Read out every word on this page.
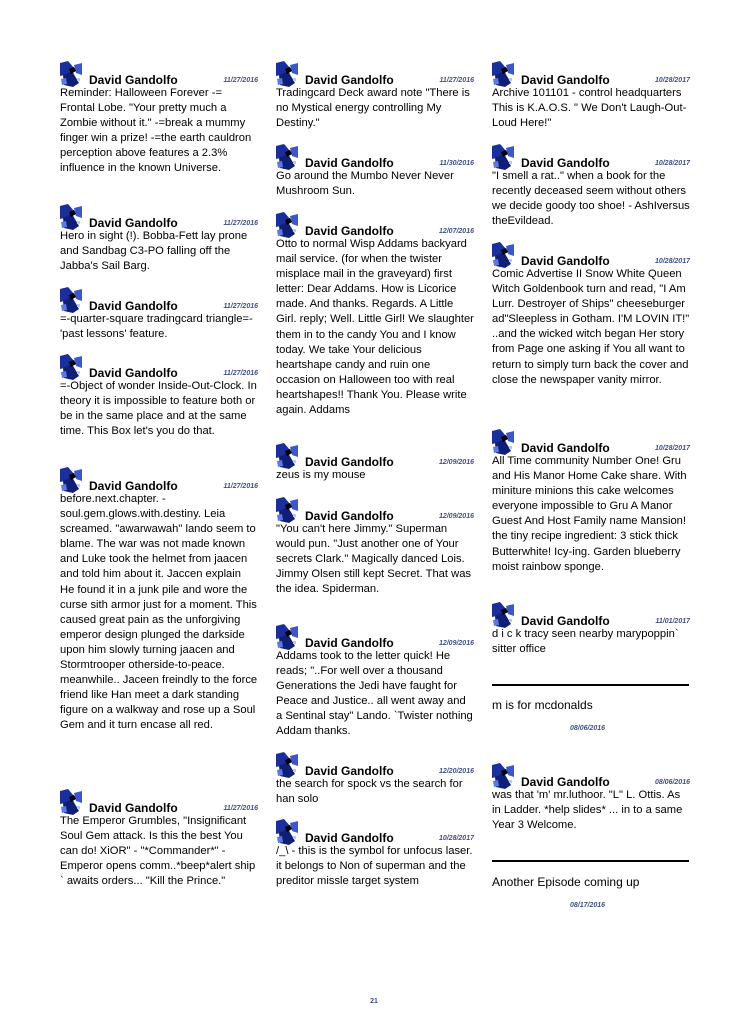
David Gandolfo	11/27/2016
Reminder: Halloween Forever -= Frontal Lobe. "Your pretty much a Zombie without it." -=break a mummy finger win a prize! -=the earth cauldron perception above features a 2.3% influence in the known Universe.
David Gandolfo	11/27/2016
Hero in sight (!). Bobba-Fett lay prone and Sandbag C3-PO falling off the Jabba's Sail Barg.
David Gandolfo	11/27/2016
=-quarter-square tradingcard triangle=- 'past lessons' feature.
David Gandolfo	11/27/2016
=-Object of wonder Inside-Out-Clock. In theory it is impossible to feature both or be in the same place and at the same time. This Box let's you do that.
David Gandolfo	11/27/2016
before.next.chapter. -soul.gem.glows.with.destiny. Leia screamed. "awarwawah" lando seem to blame. The war was not made known and Luke took the helmet from jaacen and told him about it. Jaccen explain He found it in a junk pile and wore the curse sith armor just for a moment. This caused great pain as the unforgiving emperor design plunged the darkside upon him slowly turning jaacen and Stormtrooper otherside-to-peace. meanwhile.. Jaceen freindly to the force friend like Han meet a dark standing figure on a walkway and rose up a Soul Gem and it turn encase all red.
David Gandolfo	11/27/2016
The Emperor Grumbles, "Insignificant Soul Gem attack. Is this the best You can do! XiOR" - "*Commander*" - Emperor opens comm..*beep*alert ship ` awaits orders... "Kill the Prince."
David Gandolfo	11/27/2016
Tradingcard Deck award note "There is no Mystical energy controlling My Destiny."
David Gandolfo	11/30/2016
Go around the Mumbo Never Never Mushroom Sun.
David Gandolfo	12/07/2016
Otto to normal Wisp Addams backyard mail service. (for when the twister misplace mail in the graveyard) first letter: Dear Addams. How is Licorice made. And thanks. Regards. A Little Girl. reply; Well. Little Girl! We slaughter them in to the candy You and I know today. We take Your delicious heartshape candy and ruin one occasion on Halloween too with real heartshapes!! Thank You. Please write again. Addams
David Gandolfo	12/09/2016
zeus is my mouse
David Gandolfo	12/09/2016
"You can't here Jimmy." Superman would pun. "Just another one of Your secrets Clark." Magically danced Lois. Jimmy Olsen still kept Secret. That was the idea. Spiderman.
David Gandolfo	12/09/2016
Addams took to the letter quick! He reads; "..For well over a thousand Generations the Jedi have faught for Peace and Justice.. all went away and a Sentinal stay" Lando. `Twister nothing Addam thanks.
David Gandolfo	12/20/2016
the search for spock vs the search for han solo
David Gandolfo	10/28/2017
/_\ - this is the symbol for unfocus laser. it belongs to Non of superman and the preditor missle target system
David Gandolfo	10/28/2017
Archive 101101 - control headquarters This is K.A.O.S. " We Don't Laugh-Out-Loud Here!"
David Gandolfo	10/28/2017
"I smell a rat.." when a book for the recently deceased seem without others we decide goody too shoe! - AshIversus theEvildead.
David Gandolfo	10/28/2017
Comic Advertise II Snow White Queen Witch Goldenbook turn and read, "I Am Lurr. Destroyer of Ships" cheeseburger ad"Sleepless in Gotham. I'M LOVIN IT!" ..and the wicked witch began Her story from Page one asking if You all want to return to simply turn back the cover and close the newspaper vanity mirror.
David Gandolfo	10/28/2017
All Time community Number One! Gru and His Manor Home Cake share. With miniture minions this cake welcomes everyone impossible to Gru A Manor Guest And Host Family name Mansion! the tiny recipe ingredient: 3 stick thick Butterwhite! Icy-ing. Garden blueberry moist rainbow sponge.
David Gandolfo	11/01/2017
d i c k tracy seen nearby marypoppin` sitter office
m is for mcdonalds
08/06/2016
David Gandolfo	08/06/2016
was that 'm' mr.luthoor. "L" L. Ottis. As in Ladder. *help slides* ... in to a same Year 3 Welcome.
Another Episode coming up
08/17/2016
21
